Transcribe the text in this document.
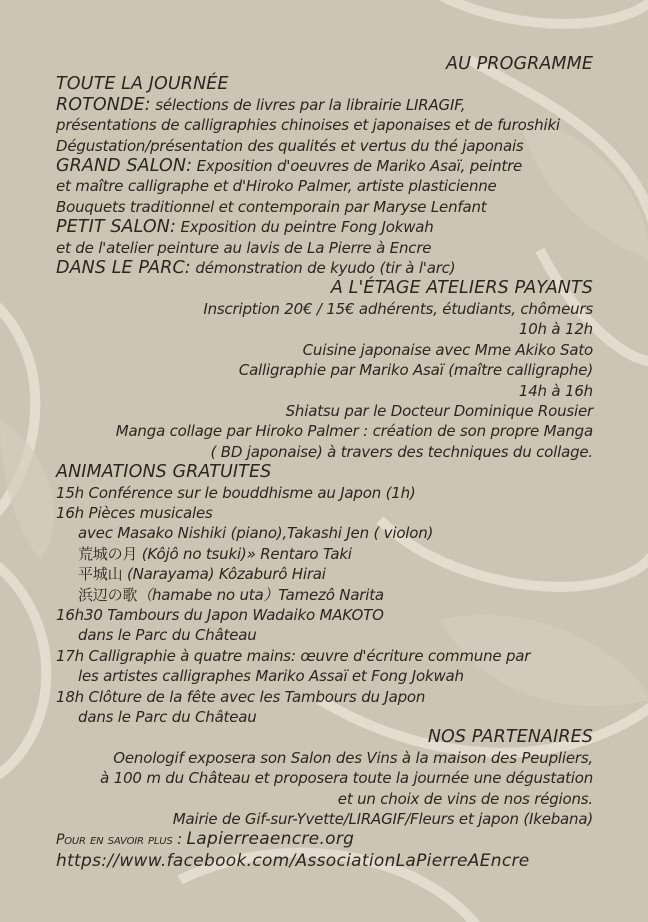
AU PROGRAMME
TOUTE LA JOURNÉE
ROTONDE: sélections de livres par la librairie LIRAGIF,
présentations de calligraphies chinoises et japonaises et de furoshiki
Dégustation/présentation des qualités et vertus du thé japonais
GRAND SALON: Exposition d'oeuvres de Mariko Asaï, peintre
et maître calligraphe et d'Hiroko Palmer, artiste plasticienne
Bouquets traditionnel et contemporain par Maryse Lenfant
PETIT SALON: Exposition du peintre Fong Jokwah
et de l'atelier peinture au lavis de La Pierre à Encre
DANS LE PARC: démonstration de kyudo (tir à l'arc)
A L'ÉTAGE ATELIERS PAYANTS
Inscription 20€ / 15€ adhérents, étudiants, chômeurs
10h à 12h
Cuisine japonaise avec Mme Akiko Sato
Calligraphie par Mariko Asaï (maître calligraphe)
14h à 16h
Shiatsu par le Docteur Dominique Rousier
Manga collage par Hiroko Palmer : création de son propre Manga
( BD japonaise) à travers des techniques du collage.
ANIMATIONS GRATUITES
15h Conférence sur le bouddhisme au Japon (1h)
16h Pièces musicales
avec Masako Nishiki (piano),Takashi Jen ( violon)
荒城の月 (Kôjô no tsuki)» Rentaro Taki
平城山 (Narayama) Kôzaburô Hirai
浜辺の歌（hamabe no uta）Tamezô Narita
16h30 Tambours du Japon Wadaiko MAKOTO
dans le Parc du Château
17h Calligraphie à quatre mains: œuvre d'écriture commune par
les artistes calligraphes Mariko Assaï et Fong Jokwah
18h Clôture de la fête avec les Tambours du Japon
dans le Parc du Château
NOS PARTENAIRES
Oenologif exposera son Salon des Vins à la maison des Peupliers,
à 100 m du Château et proposera toute la journée une dégustation
et un choix de vins de nos régions.
Mairie de Gif-sur-Yvette/LIRAGIF/Fleurs et japon (Ikebana)
Pour en savoir plus : Lapierreaencre.org
https://www.facebook.com/AssociationLaPierreAEncre
